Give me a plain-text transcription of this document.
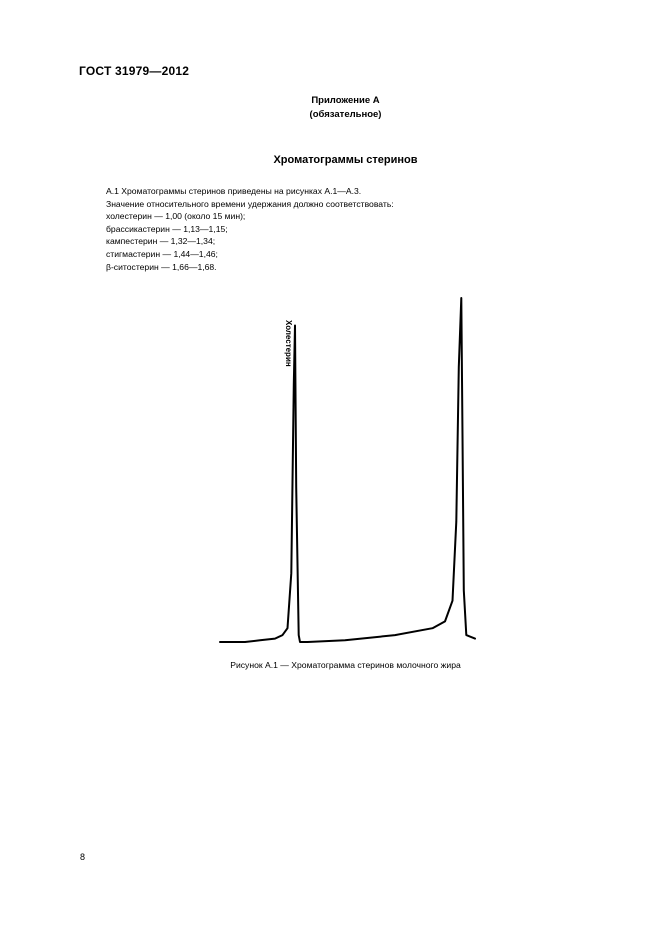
ГОСТ 31979—2012
Приложение А
(обязательное)
Хроматограммы стеринов
А.1 Хроматограммы стеринов приведены на рисунках А.1—А.3.
Значение относительного времени удержания должно соответствовать:
холестерин — 1,00 (около 15 мин);
брассикастерин — 1,13—1,15;
кампестерин — 1,32—1,34;
стигмастерин — 1,44—1,46;
β-ситостерин — 1,66—1,68.
Холестерин
Рисунок А.1 — Хроматограмма стеринов молочного жира
8
